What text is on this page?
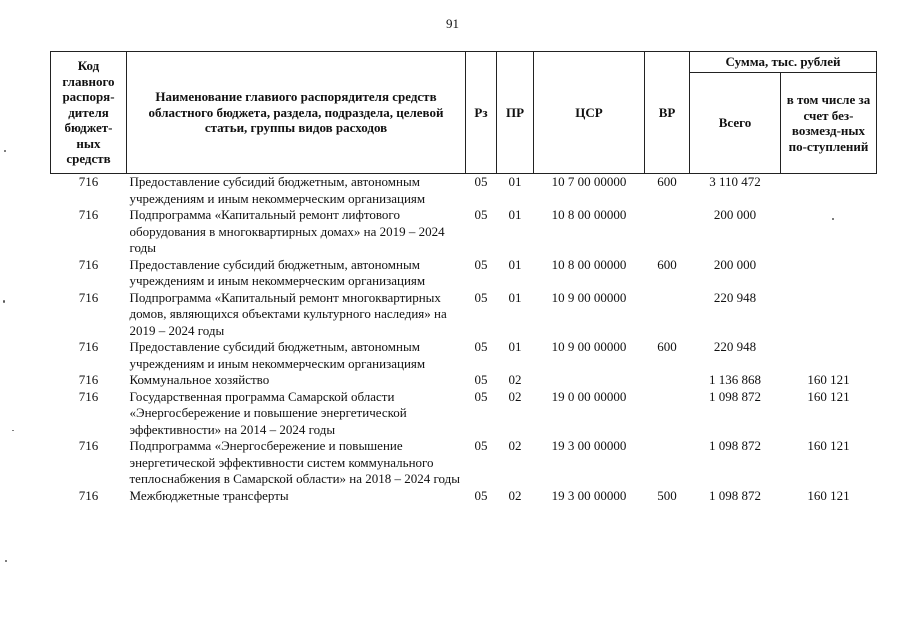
91
Код главного распоря-дителя бюджет-ных средств	Наименование главиого распорядителя средств областного бюджета, раздела, подраздела, целевой статьи, группы видов расходов	Рз	ПР	ЦСР	ВР	Сумма, тыс. рублей	
						Всего	в том числе за счет без-возмезд-ных по-ступлений
716	Предоставление субсидий бюджетным, автономным учреждениям и иным некоммерческим организациям	05	01	10 7 00 00000	600	3 110 472	
716	Подпрограмма «Капитальный ремонт лифтового оборудования в многоквартирных домах» на 2019 – 2024 годы	05	01	10 8 00 00000		200 000	
716	Предоставление субсидий бюджетным, автономным учреждениям и иным некоммерческим организациям	05	01	10 8 00 00000	600	200 000	
716	Подпрограмма «Капитальный ремонт многоквартирных домов, являющихся объектами культурного наследия» на 2019 – 2024 годы	05	01	10 9 00 00000		220 948	
716	Предоставление субсидий бюджетным, автономным учреждениям и иным некоммерческим организациям	05	01	10 9 00 00000	600	220 948	
716	Коммунальное хозяйство	05	02			1 136 868	160 121
716	Государственная программа Самарской области «Энергосбережение и повышение энергетической эффективности» на 2014 – 2024 годы	05	02	19 0 00 00000		1 098 872	160 121
716	Подпрограмма «Энергосбережение и повышение энергетической эффективности систем коммунального теплоснабжения в Самарской области» на 2018 – 2024 годы	05	02	19 3 00 00000		1 098 872	160 121
716	Межбюджетные трансферты	05	02	19 3 00 00000	500	1 098 872	160 121
